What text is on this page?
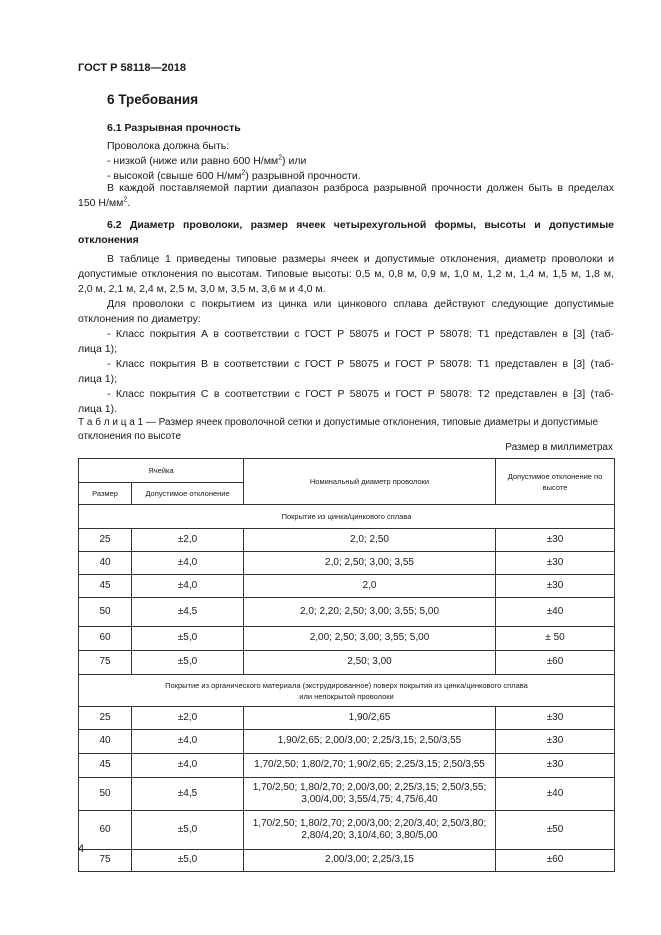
ГОСТ Р 58118—2018
6 Требования
6.1 Разрывная прочность
Проволока должна быть:
- низкой (ниже или равно 600 $Н/мм^2$) или
- высокой (свыше 600 $Н/мм^2$) разрывной прочности.
В каждой поставляемой партии диапазон разброса разрывной прочности должен быть в пределах
150 $Н/мм^2$.
6.2 Диаметр проволоки, размер ячеек четырехугольной формы, высоты и допустимые
отклонения
В таблице 1 приведены типовые размеры ячеек и допустимые отклонения, диаметр проволоки и
допустимые отклонения по высотам. Типовые высоты: 0,5 м, 0,8 м, 0,9 м, 1,0 м, 1,2 м, 1,4 м, 1,5 м, 1,8 м,
2,0 м, 2,1 м, 2,4 м, 2,5 м, 3,0 м, 3,5 м, 3,6 м и 4,0 м.
Для проволоки с покрытием из цинка или цинкового сплава действуют следующие допустимые
отклонения по диаметру:
- Класс покрытия А в соответствии с ГОСТ Р 58075 и ГОСТ Р 58078: Т1 представлен в [3] (таб-
лица 1);
- Класс покрытия В в соответствии с ГОСТ Р 58075 и ГОСТ Р 58078: Т1 представлен в [3] (таб-
лица 1);
- Класс покрытия С в соответствии с ГОСТ Р 58075 и ГОСТ Р 58078: Т2 представлен в [3] (таб-
лица 1).
Т а б л и ц а 1 — Размер ячеек проволочной сетки и допустимые отклонения, типовые диаметры и допустимые отклонения по высоте
Размер в миллиметрах
Ячейка		Номинальный диаметр проволоки	Допустимое отклонение по высоте
Размер	Допустимое отклонение		
Покрытие из цинка/цинкового сплава			
25	±2,0	2,0; 2,50	±30
40	±4,0	2,0; 2,50; 3,00; 3,55	±30
45	±4,0	2,0	±30
50	±4,5	2,0; 2,20; 2,50; 3,00; 3,55; 5,00	±40
60	±5,0	2,00; 2,50; 3,00; 3,55; 5,00	± 50
75	±5,0	2,50; 3,00	±60

Покрытие из органического материала (экструдированное) поверх покрытия из цинка/цинкового сплава
или непокрытой проволоки			

25	±2,0	1,90/2,65	±30
40	±4,0	1,90/2,65; 2,00/3,00; 2,25/3,15; 2,50/3,55	±30
45	±4,0	1,70/2,50; 1,80/2,70; 1,90/2,65; 2,25/3,15; 2,50/3,55	±30
50	±4,5	1,70/2,50; 1,80/2,70; 2,00/3,00; 2,25/3,15; 2,50/3,55;
3,00/4,00; 3,55/4,75; 4,75/6,40	±40
60	±5,0	1,70/2,50; 1,80/2,70; 2,00/3,00; 2,20/3,40; 2,50/3,80;
2,80/4,20; 3,10/4,60; 3,80/5,00	±50
75	±5,0	2,00/3,00; 2,25/3,15	±60
4
